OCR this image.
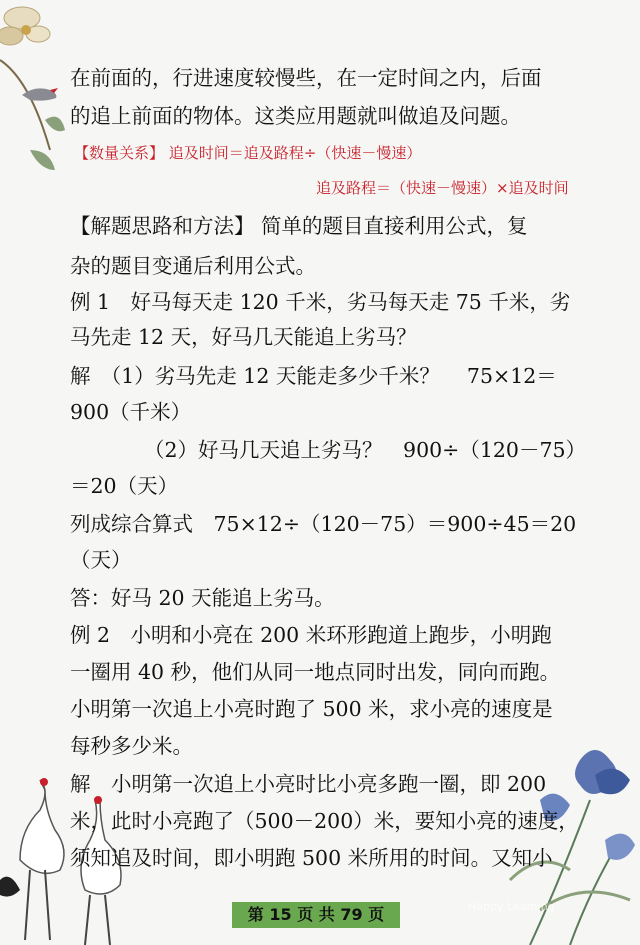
在前面的，行进速度较慢些，在一定时间之内，后面
的追上前面的物体。这类应用题就叫做追及问题。
【数量关系】 追及时间＝追及路程÷（快速－慢速）
追及路程＝（快速－慢速）×追及时间
【解题思路和方法】 简单的题目直接利用公式，复
杂的题目变通后利用公式。
例 1　好马每天走 120 千米，劣马每天走 75 千米，劣
马先走 12 天，好马几天能追上劣马？
解　（1）劣马先走 12 天能走多少千米？　 75×12＝
900（千米）
（2）好马几天追上劣马？　900÷（120－75）
＝20（天）
列成综合算式　75×12÷（120－75）＝900÷45＝20
（天）
答：好马 20 天能追上劣马。
例 2　小明和小亮在 200 米环形跑道上跑步，小明跑
一圈用 40 秒，他们从同一地点同时出发，同向而跑。
小明第一次追上小亮时跑了 500 米，求小亮的速度是
每秒多少米。
解　小明第一次追上小亮时比小亮多跑一圈，即 200
米，此时小亮跑了（500－200）米，要知小亮的速度，
须知追及时间，即小明跑 500 米所用的时间。又知小
第 15 页 共 79 页	Happy Learning
